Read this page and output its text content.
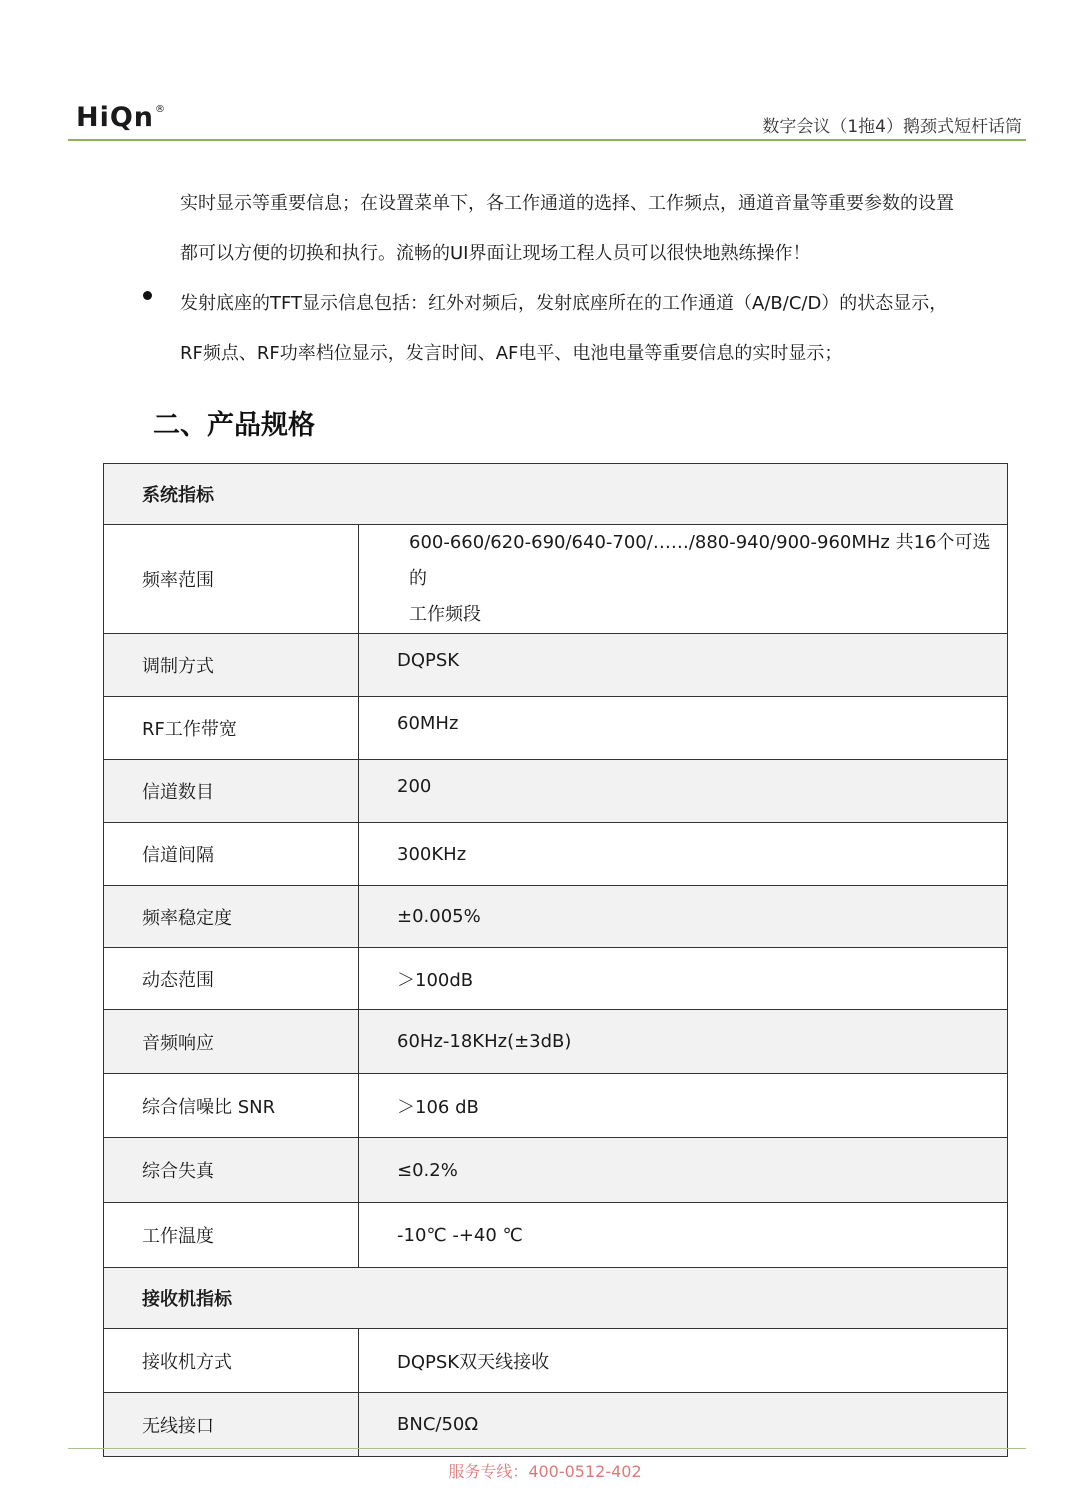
HiQn®
数字会议（1拖4）鹅颈式短杆话筒
实时显示等重要信息；在设置菜单下，各工作通道的选择、工作频点，通道音量等重要参数的设置
都可以方便的切换和执行。流畅的UI界面让现场工程人员可以很快地熟练操作！
发射底座的TFT显示信息包括：红外对频后，发射底座所在的工作通道（A/B/C/D）的状态显示，
RF频点、RF功率档位显示，发言时间、AF电平、电池电量等重要信息的实时显示；
二、产品规格
系统指标	
频率范围	600-660/620-690/640-700/……/880-940/900-960MHz 共16个可选的
工作频段

调制方式	DQPSK
RF工作带宽	60MHz
信道数目	200
信道间隔	300KHz
频率稳定度	±0.005%
动态范围	＞100dB
音频响应	60Hz-18KHz(±3dB)
综合信噪比 SNR	＞106 dB
综合失真	≤0.2%
工作温度	-10℃ -+40 ℃
接收机指标	
接收机方式	DQPSK双天线接收
无线接口	BNC/50Ω
服务专线：400-0512-402
